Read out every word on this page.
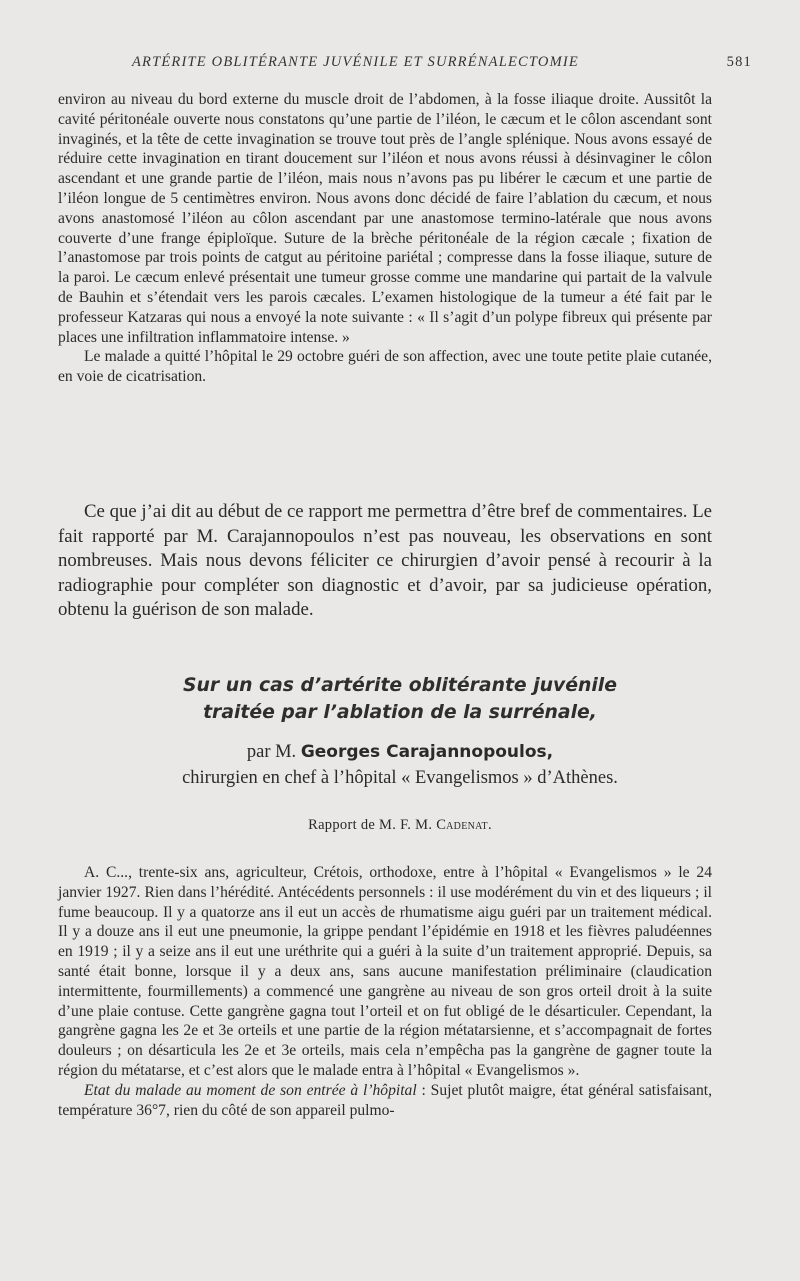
ARTÉRITE OBLITÉRANTE JUVÉNILE ET SURRÉNALECTOMIE	581

environ au niveau du bord externe du muscle droit de l’abdomen, à la fosse iliaque droite. Aussitôt la cavité péritonéale ouverte nous constatons qu’une partie de l’iléon, le cæcum et le côlon ascendant sont invaginés, et la tête de cette invagination se trouve tout près de l’angle splénique. Nous avons essayé de réduire cette invagination en tirant doucement sur l’iléon et nous avons réussi à désinvaginer le côlon ascendant et une grande partie de l’iléon, mais nous n’avons pas pu libérer le cæcum et une partie de l’iléon longue de 5 centimètres environ. Nous avons donc décidé de faire l’ablation du cæcum, et nous avons anastomosé l’iléon au côlon ascendant par une anastomose termino-latérale que nous avons couverte d’une frange épiploïque. Suture de la brèche péritonéale de la région cæcale ; fixation de l’anastomose par trois points de catgut au péritoine pariétal ; compresse dans la fosse iliaque, suture de la paroi. Le cæcum enlevé présentait une tumeur grosse comme une mandarine qui partait de la valvule de Bauhin et s’étendait vers les parois cæcales. L’examen histologique de la tumeur a été fait par le professeur Katzaras qui nous a envoyé la note suivante : « Il s’agit d’un polype fibreux qui présente par places une infiltration inflammatoire intense. »

Le malade a quitté l’hôpital le 29 octobre guéri de son affection, avec une toute petite plaie cutanée, en voie de cicatrisation.

Ce que j’ai dit au début de ce rapport me permettra d’être bref de commentaires. Le fait rapporté par M. Carajannopoulos n’est pas nouveau, les observations en sont nombreuses. Mais nous devons féliciter ce chirurgien d’avoir pensé à recourir à la radiographie pour compléter son diagnostic et d’avoir, par sa judicieuse opération, obtenu la guérison de son malade.

Sur un cas d’artérite oblitérante juvénile
traitée par l’ablation de la surrénale,
par M. Georges Carajannopoulos,
chirurgien en chef à l’hôpital « Evangelismos » d’Athènes.
Rapport de M. F. M. Cadenat.

A. C..., trente-six ans, agriculteur, Crétois, orthodoxe, entre à l’hôpital « Evangelismos » le 24 janvier 1927. Rien dans l’hérédité. Antécédents personnels : il use modérément du vin et des liqueurs ; il fume beaucoup. Il y a quatorze ans il eut un accès de rhumatisme aigu guéri par un traitement médical. Il y a douze ans il eut une pneumonie, la grippe pendant l’épidémie en 1918 et les fièvres paludéennes en 1919 ; il y a seize ans il eut une uréthrite qui a guéri à la suite d’un traitement approprié. Depuis, sa santé était bonne, lorsque il y a deux ans, sans aucune manifestation préliminaire (claudication intermittente, fourmillements) a commencé une gangrène au niveau de son gros orteil droit à la suite d’une plaie contuse. Cette gangrène gagna tout l’orteil et on fut obligé de le désarticuler. Cependant, la gangrène gagna les 2e et 3e orteils et une partie de la région métatarsienne, et s’accompagnait de fortes douleurs ; on désarticula les 2e et 3e orteils, mais cela n’empêcha pas la gangrène de gagner toute la région du métatarse, et c’est alors que le malade entra à l’hôpital « Evangelismos ».

Etat du malade au moment de son entrée à l’hôpital : Sujet plutôt maigre, état général satisfaisant, température 36°7, rien du côté de son appareil pulmo-
